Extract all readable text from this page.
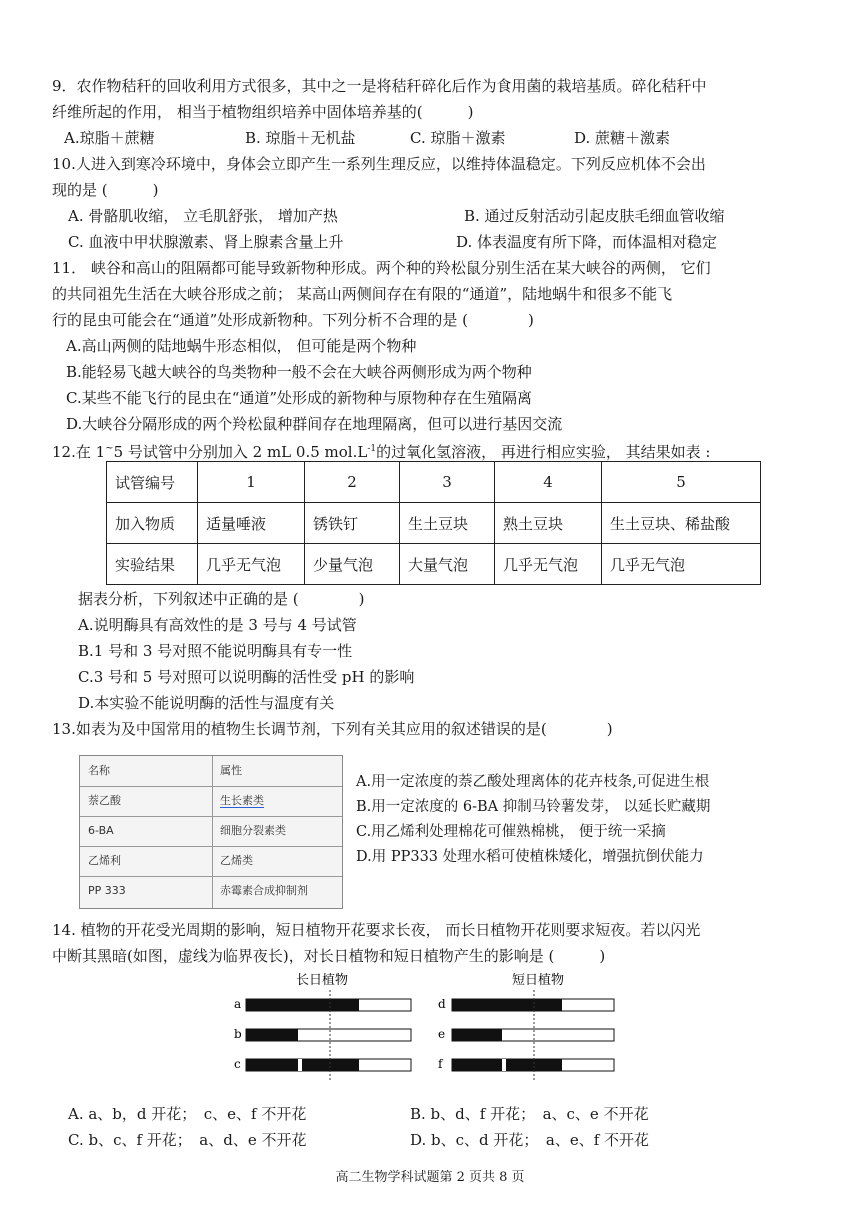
9．农作物秸秆的回收利用方式很多，其中之一是将秸秆碎化后作为食用菌的栽培基质。碎化秸秆中
纤维所起的作用， 相当于植物组织培养中固体培养基的(　　　)
A.琼脂＋蔗糖	B. 琼脂＋无机盐	C. 琼脂＋激素	D. 蔗糖＋激素
10.人进入到寒冷环境中，身体会立即产生一系列生理反应，以维持体温稳定。下列反应机体不会出
现的是 (　　　)
A. 骨骼肌收缩， 立毛肌舒张， 增加产热	B. 通过反射活动引起皮肤毛细血管收缩
C. 血液中甲状腺激素、肾上腺素含量上升	D. 体表温度有所下降，而体温相对稳定
11． 峡谷和高山的阻隔都可能导致新物种形成。两个种的羚松鼠分别生活在某大峡谷的两侧， 它们
的共同祖先生活在大峡谷形成之前； 某高山两侧间存在有限的“通道”，陆地蜗牛和很多不能飞
行的昆虫可能会在“通道”处形成新物种。下列分析不合理的是 (　　　　)
A.高山两侧的陆地蜗牛形态相似， 但可能是两个物种
B.能轻易飞越大峡谷的鸟类物种一般不会在大峡谷两侧形成为两个物种
C.某些不能飞行的昆虫在“通道”处形成的新物种与原物种存在生殖隔离
D.大峡谷分隔形成的两个羚松鼠种群间存在地理隔离，但可以进行基因交流
12.在 1~5 号试管中分别加入 2 mL 0.5 $mol.L^{-1}$的过氧化氢溶液， 再进行相应实验， 其结果如表 :
试管编号	1	2	3	4	5
加入物质	适量唾液	锈铁钉	生土豆块	熟土豆块	生土豆块、稀盐酸
实验结果	几乎无气泡	少量气泡	大量气泡	几乎无气泡	几乎无气泡
据表分析，下列叙述中正确的是 (　　　　)
A.说明酶具有高效性的是 3 号与 4 号试管
B.1 号和 3 号对照不能说明酶具有专一性
C.3 号和 5 号对照可以说明酶的活性受 pH 的影响
D.本实验不能说明酶的活性与温度有关
13.如表为及中国常用的植物生长调节剂，下列有关其应用的叙述错误的是(　　　　)
名称	属性
萘乙酸	生长素类
6-BA	细胞分裂素类
乙烯利	乙烯类
PP 333	赤霉素合成抑制剂
A.用一定浓度的萘乙酸处理离体的花卉枝条,可促进生根
B.用一定浓度的 6-BA 抑制马铃薯发芽， 以延长贮藏期
C.用乙烯利处理棉花可催熟棉桃， 便于统一采摘
D.用 PP333 处理水稻可使植株矮化，增强抗倒伏能力
14. 植物的开花受光周期的影响，短日植物开花要求长夜， 而长日植物开花则要求短夜。若以闪光
中断其黑暗(如图，虚线为临界夜长)，对长日植物和短日植物产生的影响是 (　　　)
长日植物	短日植物
a
b
c
d
e
f
A. a、b，d 开花；　c、e、f 不开花	B. b、d、f 开花；　a、c、e 不开花
C. b、c、f 开花；　a、d、e 不开花	D. b、c、d 开花；　a、e、f 不开花
高二生物学科试题第 2 页共 8 页
